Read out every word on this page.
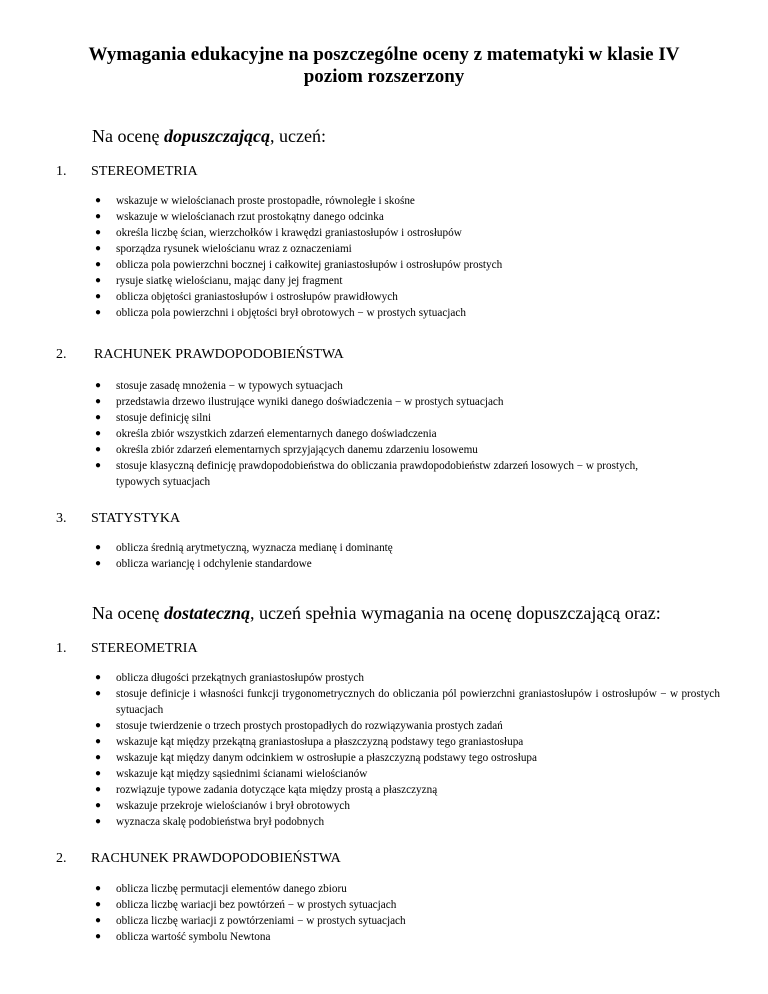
Wymagania edukacyjne na poszczególne oceny z matematyki w klasie IV
poziom rozszerzony

Na ocenę dopuszczającą, uczeń:

1. STEREOMETRIA

● wskazuje w wielościanach proste prostopadłe, równoległe i skośne
● wskazuje w wielościanach rzut prostokątny danego odcinka
● określa liczbę ścian, wierzchołków i krawędzi graniastosłupów i ostrosłupów
● sporządza rysunek wielościanu wraz z oznaczeniami
● oblicza pola powierzchni bocznej i całkowitej graniastosłupów i ostrosłupów prostych
● rysuje siatkę wielościanu, mając dany jej fragment
● oblicza objętości graniastosłupów i ostrosłupów prawidłowych
● oblicza pola powierzchni i objętości brył obrotowych − w prostych sytuacjach

2. RACHUNEK PRAWDOPODOBIEŃSTWA

● stosuje zasadę mnożenia − w typowych sytuacjach
● przedstawia drzewo ilustrujące wyniki danego doświadczenia − w prostych sytuacjach
● stosuje definicję silni
● określa zbiór wszystkich zdarzeń elementarnych danego doświadczenia
● określa zbiór zdarzeń elementarnych sprzyjających danemu zdarzeniu losowemu
● stosuje klasyczną definicję prawdopodobieństwa do obliczania prawdopodobieństw zdarzeń losowych − w prostych, typowych sytuacjach

3. STATYSTYKA

● oblicza średnią arytmetyczną, wyznacza medianę i dominantę
● oblicza wariancję i odchylenie standardowe

Na ocenę dostateczną, uczeń spełnia wymagania na ocenę dopuszczającą oraz:

1. STEREOMETRIA

● oblicza długości przekątnych graniastosłupów prostych
● stosuje definicje i własności funkcji trygonometrycznych do obliczania pól powierzchni graniastosłupów i ostrosłupów − w prostych sytuacjach
● stosuje twierdzenie o trzech prostych prostopadłych do rozwiązywania prostych zadań
● wskazuje kąt między przekątną graniastosłupa a płaszczyzną podstawy tego graniastosłupa
● wskazuje kąt między danym odcinkiem w ostrosłupie a płaszczyzną podstawy tego ostrosłupa
● wskazuje kąt między sąsiednimi ścianami wielościanów
● rozwiązuje typowe zadania dotyczące kąta między prostą a płaszczyzną
● wskazuje przekroje wielościanów i brył obrotowych
● wyznacza skalę podobieństwa brył podobnych

2. RACHUNEK PRAWDOPODOBIEŃSTWA

● oblicza liczbę permutacji elementów danego zbioru
● oblicza liczbę wariacji bez powtórzeń − w prostych sytuacjach
● oblicza liczbę wariacji z powtórzeniami − w prostych sytuacjach
● oblicza wartość symbolu Newtona
